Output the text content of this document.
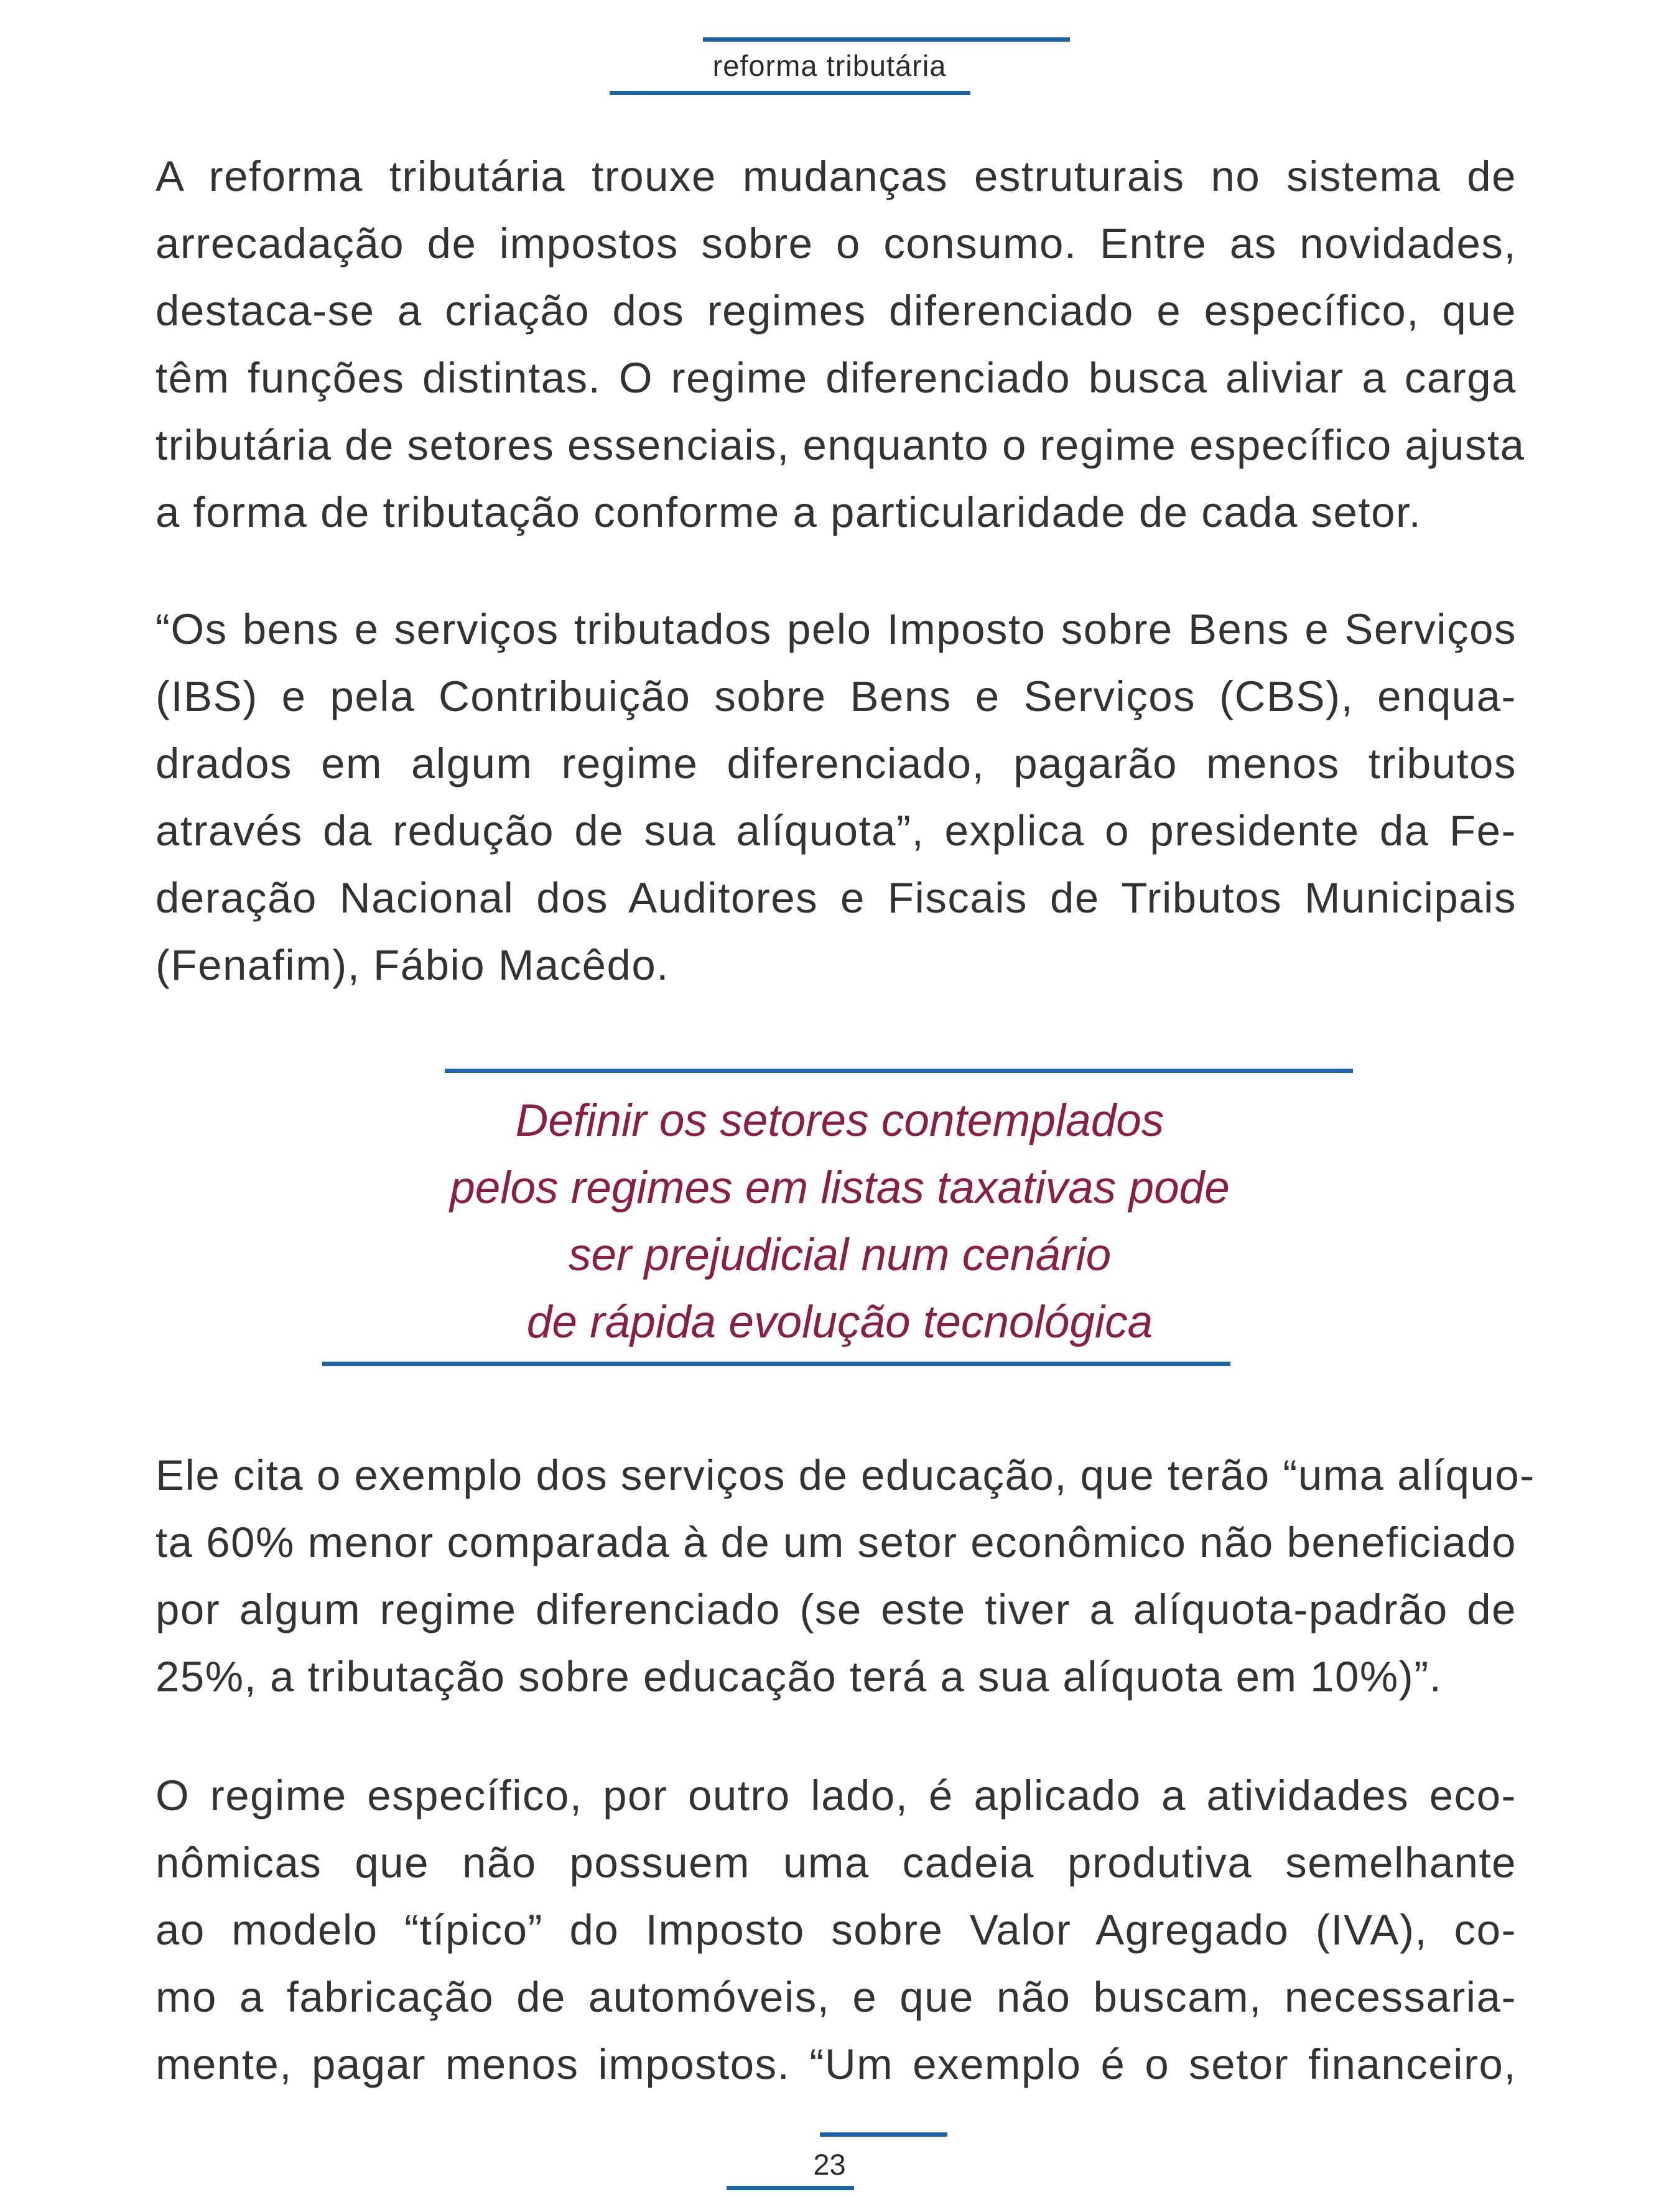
reforma tributária

A reforma tributária trouxe mudanças estruturais no sistema de
arrecadação de impostos sobre o consumo. Entre as novidades,
destaca-se a criação dos regimes diferenciado e específico, que
têm funções distintas. O regime diferenciado busca aliviar a carga
tributária de setores essenciais, enquanto o regime específico ajusta
a forma de tributação conforme a particularidade de cada setor.

“Os bens e serviços tributados pelo Imposto sobre Bens e Serviços
(IBS) e pela Contribuição sobre Bens e Serviços (CBS), enqua-
drados em algum regime diferenciado, pagarão menos tributos
através da redução de sua alíquota”, explica o presidente da Fe-
deração Nacional dos Auditores e Fiscais de Tributos Municipais
(Fenafim), Fábio Macêdo.

Definir os setores contemplados
pelos regimes em listas taxativas pode
ser prejudicial num cenário
de rápida evolução tecnológica

Ele cita o exemplo dos serviços de educação, que terão “uma alíquo-
ta 60% menor comparada à de um setor econômico não beneficiado
por algum regime diferenciado (se este tiver a alíquota-padrão de
25%, a tributação sobre educação terá a sua alíquota em 10%)”.

O regime específico, por outro lado, é aplicado a atividades eco-
nômicas que não possuem uma cadeia produtiva semelhante
ao modelo “típico” do Imposto sobre Valor Agregado (IVA), co-
mo a fabricação de automóveis, e que não buscam, necessaria-
mente, pagar menos impostos. “Um exemplo é o setor financeiro,

23
